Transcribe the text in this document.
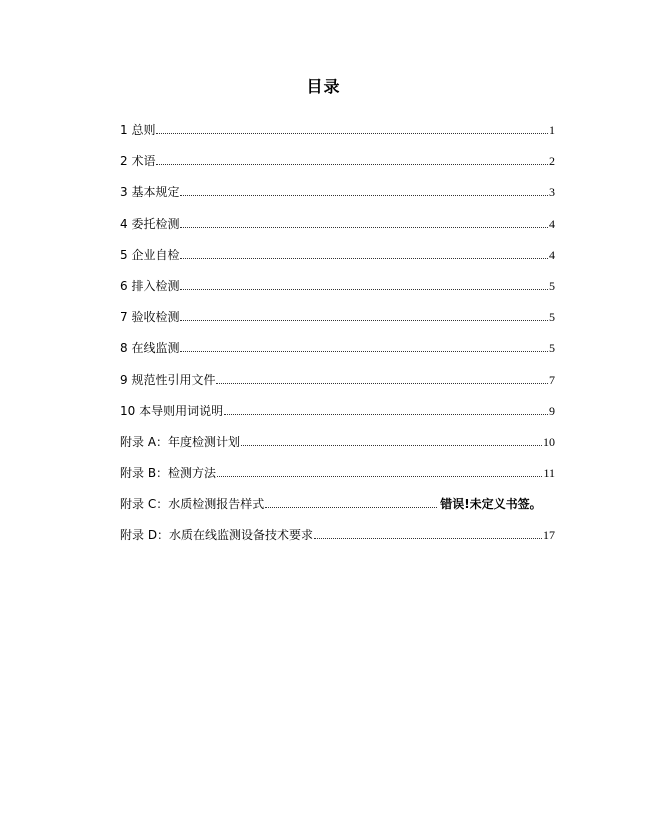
目录
1 总则	1
2 术语	2
3 基本规定	3
4 委托检测	4
5 企业自检	4
6 排入检测	5
7 验收检测	5
8 在线监测	5
9 规范性引用文件	7
10 本导则用词说明	9
附录 A：年度检测计划	10
附录 B：检测方法	11
附录 C：水质检测报告样式	错误!未定义书签。
附录 D：水质在线监测设备技术要求	17
